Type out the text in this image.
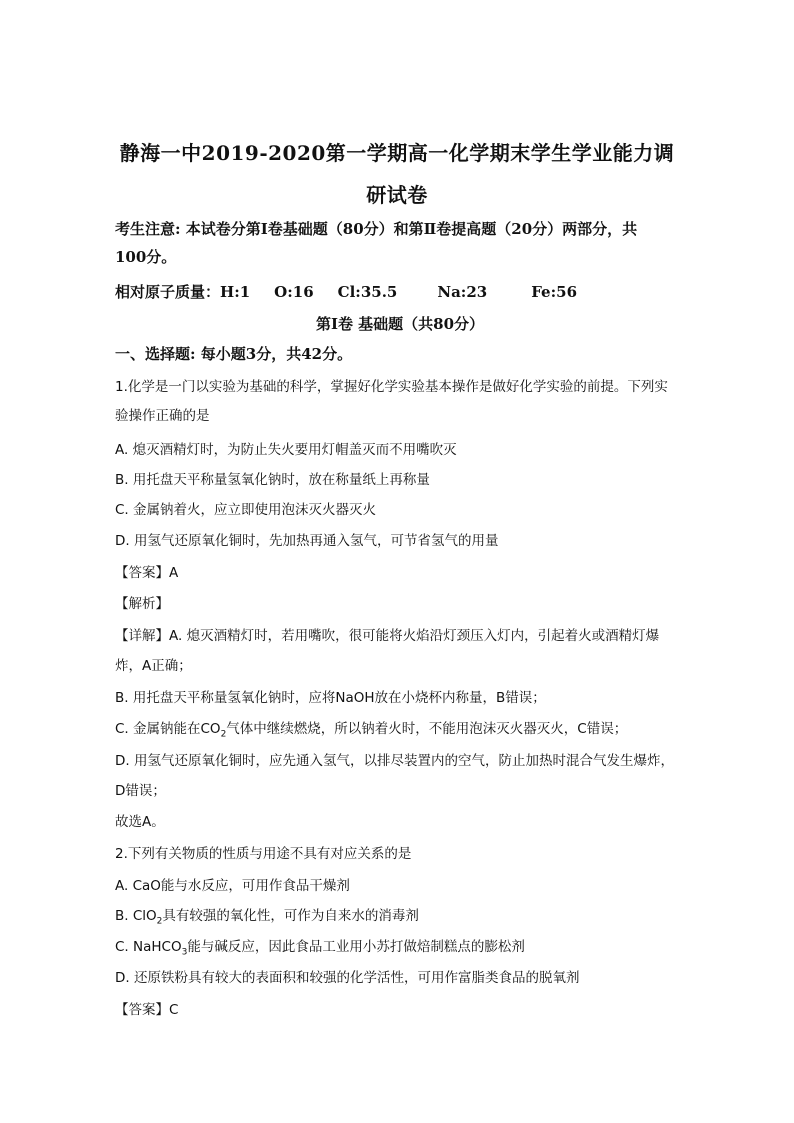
静海一中2019-2020第一学期高一化学期末学生学业能力调
研试卷
考生注意: 本试卷分第Ⅰ卷基础题（80分）和第Ⅱ卷提高题（20分）两部分，共
100分。
相对原子质量：H:1 O:16 Cl:35.5	Na:23	Fe:56
第Ⅰ卷 基础题（共80分）
一、选择题: 每小题3分，共42分。
1.化学是一门以实验为基础的科学，掌握好化学实验基本操作是做好化学实验的前提。下列实
验操作正确的是
A. 熄灭酒精灯时，为防止失火要用灯帽盖灭而不用嘴吹灭
B. 用托盘天平称量氢氧化钠时，放在称量纸上再称量
C. 金属钠着火，应立即使用泡沫灭火器灭火
D. 用氢气还原氧化铜时，先加热再通入氢气，可节省氢气的用量
【答案】A
【解析】
【详解】A. 熄灭酒精灯时，若用嘴吹，很可能将火焰沿灯颈压入灯内，引起着火或酒精灯爆
炸，A正确；
B. 用托盘天平称量氢氧化钠时，应将NaOH放在小烧杯内称量，B错误；
C. 金属钠能在$CO_2$气体中继续燃烧，所以钠着火时，不能用泡沫灭火器灭火，C错误；
D. 用氢气还原氧化铜时，应先通入氢气，以排尽装置内的空气，防止加热时混合气发生爆炸，
D错误；
故选A。
2.下列有关物质的性质与用途不具有对应关系的是
A. CaO能与水反应，可用作食品干燥剂
B. ClO$_2$具有较强的氧化性，可作为自来水的消毒剂
C. NaHCO$_3$能与碱反应，因此食品工业用小苏打做焙制糕点的膨松剂
D. 还原铁粉具有较大的表面积和较强的化学活性，可用作富脂类食品的脱氧剂
【答案】C
